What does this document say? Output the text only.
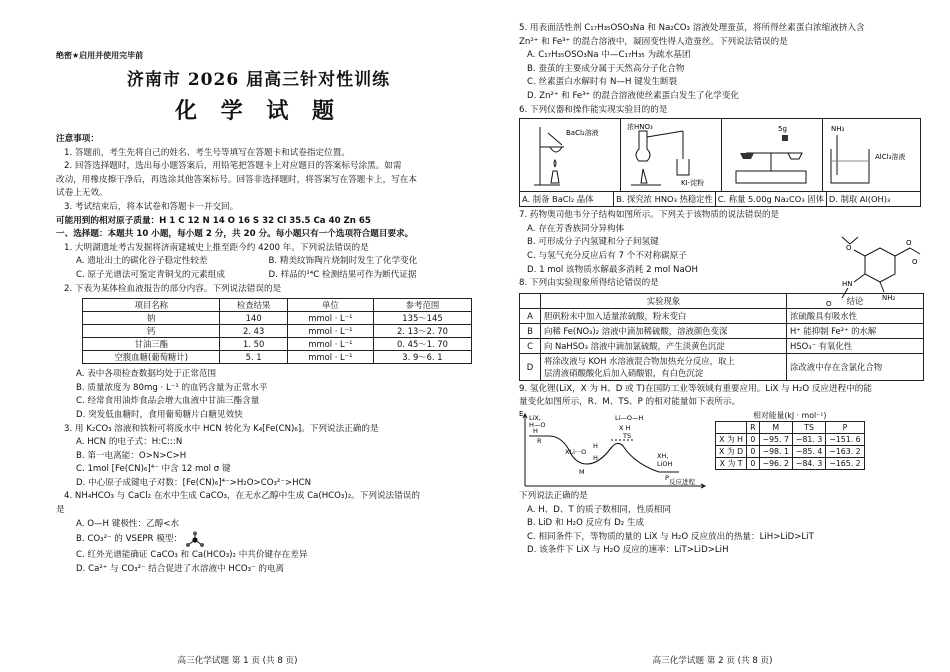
绝密★启用并使用完毕前

济南市 2026 届高三针对性训练
化 学 试 题

注意事项：

1. 答题前，考生先将自己的姓名、考生号等填写在答题卡和试卷指定位置。

2. 回答选择题时，选出每小题答案后，用铅笔把答题卡上对应题目的答案标号涂黑。如需

改动，用橡皮擦干净后，再选涂其他答案标号。回答非选择题时，将答案写在答题卡上，写在本

试卷上无效。

3. 考试结束后，将本试卷和答题卡一并交回。

可能用到的相对原子质量：H 1 C 12 N 14 O 16 S 32 Cl 35.5 Ca 40 Zn 65

一、选择题：本题共 10 小题，每小题 2 分，共 20 分。每小题只有一个选项符合题目要求。

1. 大明湖遗址考古发掘将济南建城史上推至距今约 4200 年。下列说法错误的是

A. 遗址出土的碳化谷子稳定性较差	B. 精美纹饰陶片烧制时发生了化学变化

C. 原子光谱法可鉴定青铜戈的元素组成	D. 样品的¹⁴C 检测结果可作为断代证据

2. 下表为某体检血液报告的部分内容。下列说法错误的是

项目名称	检查结果	单位	参考范围
钠	140	mmol · L⁻¹	135～145
钙	2. 43	mmol · L⁻¹	2. 13～2. 70
甘油三酯	1. 50	mmol · L⁻¹	0. 45～1. 70
空腹血糖(葡萄糖计)	5. 1	mmol · L⁻¹	3. 9～6. 1

A. 表中各项检查数据均处于正常范围

B. 质量浓度为 80mg · L⁻¹ 的血钙含量为正常水平

C. 经常食用油炸食品会增大血液中甘油三酯含量

D. 突发低血糖时，食用葡萄糖片白糖见效快

3. 用 K₂CO₃ 溶液和铁粉可将废水中 HCN 转化为 K₄[Fe(CN)₆]。下列说法正确的是

A. HCN 的电子式：H:C:::N

B. 第一电离能：O>N>C>H

C. 1mol [Fe(CN)₆]⁴⁻ 中含 12 mol σ 键

D. 中心原子成键电子对数：[Fe(CN)₆]⁴⁻>H₂O>CO₃²⁻>HCN

4. NH₄HCO₃ 与 CaCl₂ 在水中生成 CaCO₃，在无水乙醇中生成 Ca(HCO₃)₂。下列说法错误的

是

A. O—H 键极性：乙醇<水

B. CO₃²⁻ 的 VSEPR 模型：

C. 红外光谱能确证 CaCO₃ 和 Ca(HCO₃)₂ 中共价键存在差异

D. Ca²⁺ 与 CO₃²⁻ 结合促进了水溶液中 HCO₃⁻ 的电离

高三化学试题 第 1 页 (共 8 页)

5. 用表面活性剂 C₁₇H₃₅OSO₃Na 和 Na₂CO₃ 溶液处理蚕茧，将所得丝素蛋白浓缩液挤入含

Zn²⁺ 和 Fe³⁺ 的混合溶液中，凝固变性得人造蚕丝。下列说法错误的是

A. C₁₇H₃₅OSO₃Na 中—C₁₇H₃₅ 为疏水基团

B. 蚕茧的主要成分属于天然高分子化合物

C. 丝素蛋白水解时有 N—H 键发生断裂

D. Zn²⁺ 和 Fe³⁺ 的混合溶液使丝素蛋白发生了化学变化

6. 下列仪器和操作能实现实验目的的是

BaCl₂溶液
浓HNO₃
KI-淀粉
5g	NH₃
AlCl₃溶液

A. 制备 BaCl₂ 晶体	B. 探究浓 HNO₃ 热稳定性 C. 称量 5.00g Na₂CO₃ 固体 D. 制取 Al(OH)₃

7. 药物奥司他韦分子结构如图所示。下列关于该物质的说法错误的是

A. 存在芳香族同分异构体

B. 可形成分子内氢键和分子间氢键

C. 与氢气充分反应后有 7 个不对称碳原子

D. 1 mol 该物质水解最多消耗 2 mol NaOH

O
O
O
HN
NH₂
O

8. 下列由实验现象所得结论错误的是

	实验现象	结论
A	胆矾粉末中加入适量浓硫酸，粉末变白	浓硫酸具有吸水性
B	向稀 Fe(NO₃)₂ 溶液中滴加稀硫酸，溶液颜色变深	H⁺ 能抑制 Fe²⁺ 的水解
C	向 NaHSO₃ 溶液中滴加氯硫酸，产生淡黄色沉淀	HSO₃⁻ 有氧化性
D	将涂改液与 KOH 水溶液混合物加热充分反应，取上
层清液硝酸酸化后加入硝酸银，有白色沉淀	涂改液中存在含氯化合物

9. 氢化锂(LiX，X 为 H、D 或 T)在国防工业等领域有重要应用。LiX 与 H₂O 反应进程中的能

量变化如图所示，R、M、TS、P 的相对能量如下表所示。

E
反应进程
LiX,
H—O
H
R
XLi···O
H
H
M
Li—O—H
X H
TS
XH,
LiOH
P

相对能量(kJ · mol⁻¹)

	R	M	TS	P
X 为 H	0	−95. 7	−81. 3	−151. 6
X 为 D	0	−98. 1	−85. 4	−163. 2
X 为 T	0	−96. 2	−84. 3	−165. 2

下列说法正确的是

A. H、D、T 的质子数相同，性质相同

B. LiD 和 H₂O 反应有 D₂ 生成

C. 相同条件下，等物质的量的 LiX 与 H₂O 反应放出的热量：LiH>LiD>LiT

D. 该条件下 LiX 与 H₂O 反应的速率：LiT>LiD>LiH

高三化学试题 第 2 页 (共 8 页)
